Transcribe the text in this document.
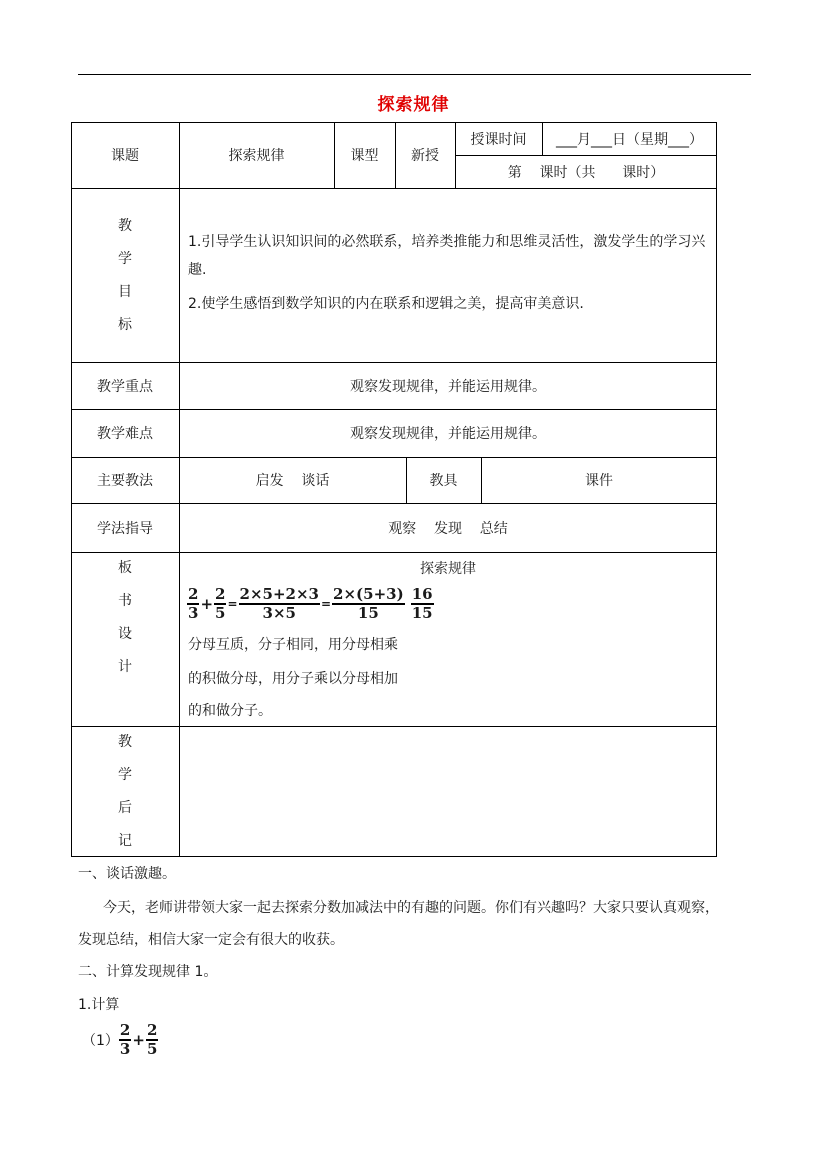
探索规律
课题	探索规律	课型	新授
授课时间	___月___日（星期___）
第    课时（共      课时）
教
学
目
标

1.引导学生认识知识间的必然联系，培养类推能力和思维灵活性，激发学生的学习兴趣.

2.使学生感悟到数学知识的内在联系和逻辑之美，提高审美意识.

教学重点	观察发现规律，并能运用规律。
教学难点	观察发现规律，并能运用规律。
主要教法	启发    谈话	教具	课件
学法指导	观察    发现    总结
板
书
设
计
探索规律
$\frac{2}{3} + \frac{2}{5} = \frac{2\times 5+2\times 3}{3\times 5} = \frac{2\times(5+3)}{15} \frac{16}{15}$
分母互质，分子相同，用分母相乘
的积做分母，用分子乘以分母相加
的和做分子。
教
学
后
记
一、谈话激趣。
今天，老师讲带领大家一起去探索分数加减法中的有趣的问题。你们有兴趣吗？大家只要认真观察，
发现总结，相信大家一定会有很大的收获。
二、计算发现规律 1。
1.计算
$(1) \frac{2}{3} + \frac{2}{5}$
